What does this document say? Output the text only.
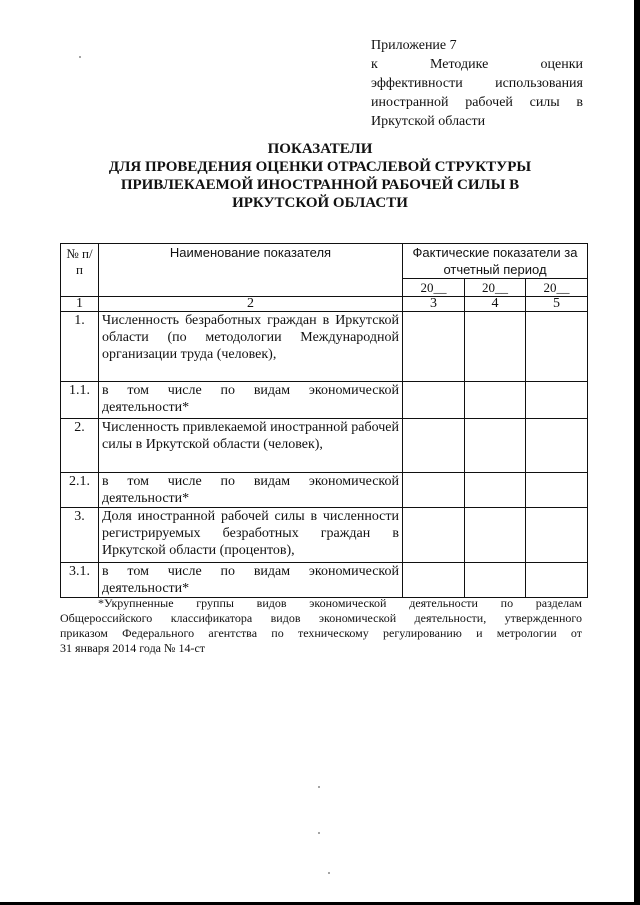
Приложение 7
к Методике оценки
эффективности использования
иностранной рабочей силы в
Иркутской области
ПОКАЗАТЕЛИ
ДЛЯ ПРОВЕДЕНИЯ ОЦЕНКИ ОТРАСЛЕВОЙ СТРУКТУРЫ
ПРИВЛЕКАЕМОЙ ИНОСТРАННОЙ РАБОЧЕЙ СИЛЫ В
ИРКУТСКОЙ ОБЛАСТИ
№ п/п	Наименование показателя	Фактические показатели за отчетный период		
		20__	20__	20__
1	2	3	4	5
1.	Численность безработных граждан в Иркутской области (по методологии Международной организации труда (человек),			
1.1.	в том числе по видам экономической деятельности*			
2.	Численность привлекаемой иностранной рабочей силы в Иркутской области (человек),			
2.1.	в том числе по видам экономической деятельности*			
3.	Доля иностранной рабочей силы в численности регистрируемых безработных граждан в Иркутской области (процентов),			
3.1.	в том числе по видам экономической деятельности*			
*Укрупненные группы видов экономической деятельности по разделам
Общероссийского классификатора видов экономической деятельности, утвержденного
приказом Федерального агентства по техническому регулированию и метрологии от
31 января 2014 года № 14-ст
